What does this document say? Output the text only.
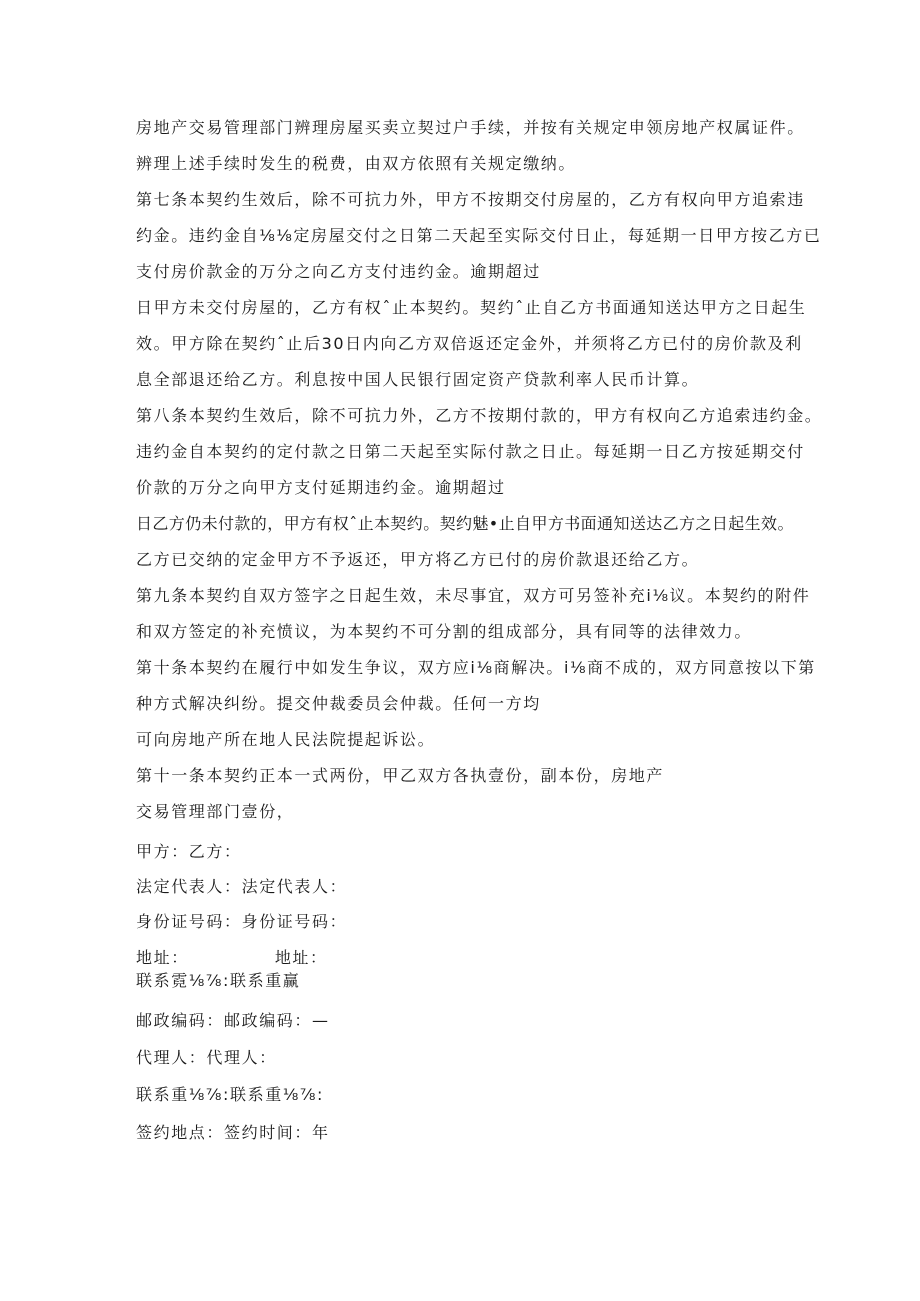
房地产交易管理部门辨理房屋买卖立契过户手续，并按有关规定申领房地产权属证件。
辨理上述手续时发生的税费，由双方依照有关规定缴纳。
第七条本契约生效后，除不可抗力外，甲方不按期交付房屋的，乙方有权向甲方追索违
约金。违约金自⅛⅛定房屋交付之日第二天起至实际交付日止，每延期一日甲方按乙方已
支付房价款金的万分之向乙方支付违约金。逾期超过
日甲方未交付房屋的，乙方有权ˆ止本契约。契约ˆ止自乙方书面通知送达甲方之日起生
效。甲方除在契约ˆ止后30日内向乙方双倍返还定金外，并须将乙方已付的房价款及利
息全部退还给乙方。利息按中国人民银行固定资产贷款利率人民币计算。
第八条本契约生效后，除不可抗力外，乙方不按期付款的，甲方有权向乙方追索违约金。
违约金自本契约的定付款之日第二天起至实际付款之日止。每延期一日乙方按延期交付
价款的万分之向甲方支付延期违约金。逾期超过
日乙方仍未付款的，甲方有权ˆ止本契约。契约魅•止自甲方书面通知送达乙方之日起生效。
乙方已交纳的定金甲方不予返还，甲方将乙方已付的房价款退还给乙方。
第九条本契约自双方签字之日起生效，未尽事宜，双方可另签补充i⅛议。本契约的附件
和双方签定的补充愤议，为本契约不可分割的组成部分，具有同等的法律效力。
第十条本契约在履行中如发生争议，双方应i⅛商解决。i⅛商不成的，双方同意按以下第
种方式解决纠纷。提交仲裁委员会仲裁。任何一方均
可向房地产所在地人民法院提起诉讼。
第十一条本契约正本一式两份，甲乙双方各执壹份，副本份，房地产
交易管理部门壹份，
甲方：乙方：
法定代表人：法定代表人：
身份证号码：身份证号码：
地址：	地址：
联系霓⅛⅞:联系重赢
邮政编码：邮政编码：—
代理人：代理人：
联系重⅛⅞:联系重⅛⅞:
签约地点：签约时间：年
